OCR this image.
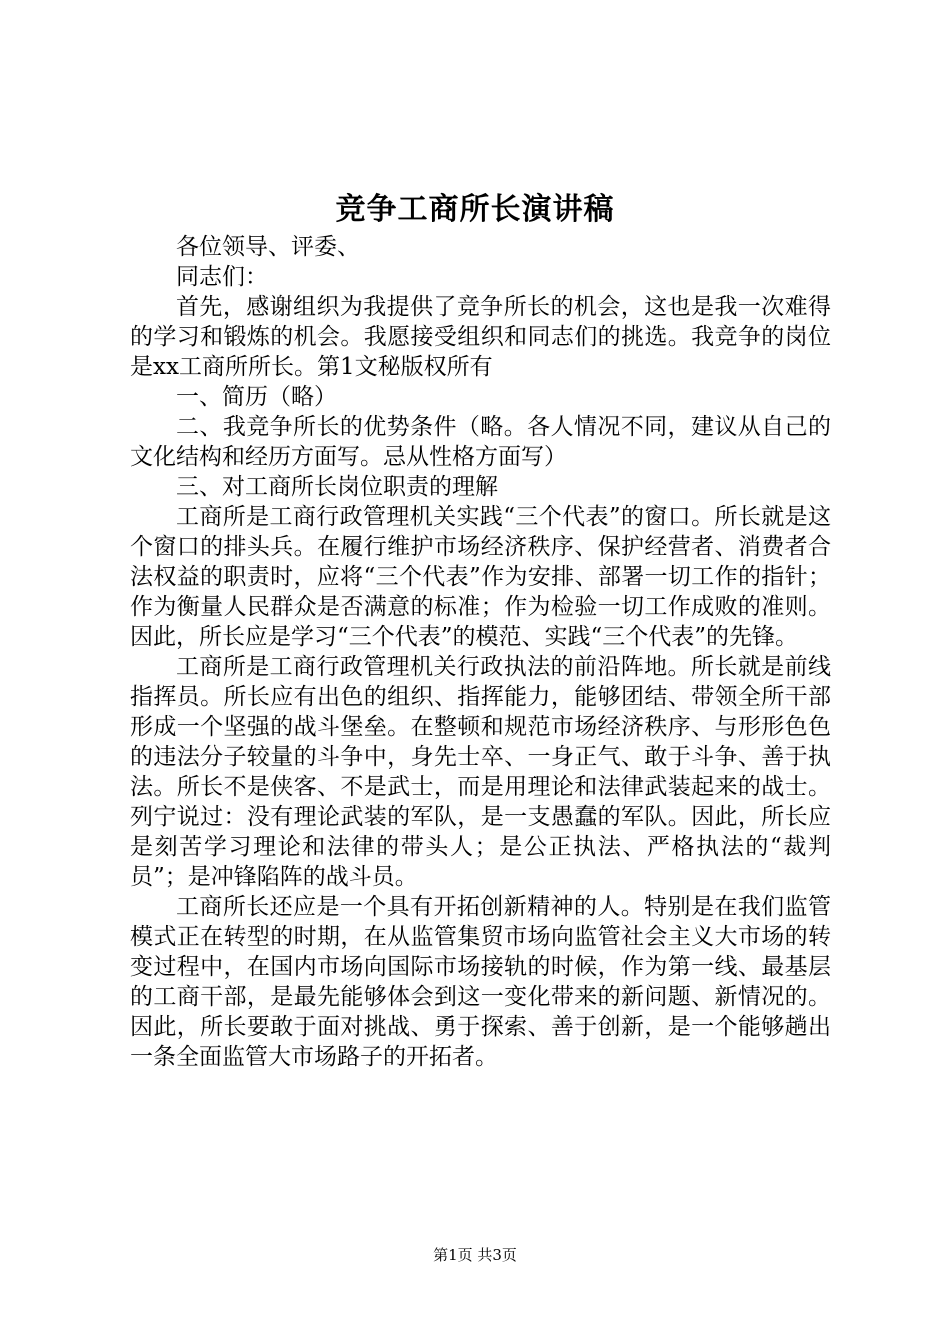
竞争工商所长演讲稿

各位领导、评委、

同志们：

首先，感谢组织为我提供了竞争所长的机会，这也是我一次难得的学习和锻炼的机会。我愿接受组织和同志们的挑选。我竞争的岗位是xx工商所所长。第1文秘版权所有

一、简历（略）

二、我竞争所长的优势条件（略。各人情况不同，建议从自己的文化结构和经历方面写。忌从性格方面写）

三、对工商所长岗位职责的理解

工商所是工商行政管理机关实践“三个代表”的窗口。所长就是这个窗口的排头兵。在履行维护市场经济秩序、保护经营者、消费者合法权益的职责时，应将“三个代表”作为安排、部署一切工作的指针；作为衡量人民群众是否满意的标准；作为检验一切工作成败的准则。因此，所长应是学习“三个代表”的模范、实践“三个代表”的先锋。

工商所是工商行政管理机关行政执法的前沿阵地。所长就是前线指挥员。所长应有出色的组织、指挥能力，能够团结、带领全所干部形成一个坚强的战斗堡垒。在整顿和规范市场经济秩序、与形形色色的违法分子较量的斗争中，身先士卒、一身正气、敢于斗争、善于执法。所长不是侠客、不是武士，而是用理论和法律武装起来的战士。列宁说过：没有理论武装的军队，是一支愚蠢的军队。因此，所长应是刻苦学习理论和法律的带头人；是公正执法、严格执法的“裁判员”；是冲锋陷阵的战斗员。

工商所长还应是一个具有开拓创新精神的人。特别是在我们监管模式正在转型的时期，在从监管集贸市场向监管社会主义大市场的转变过程中，在国内市场向国际市场接轨的时候，作为第一线、最基层的工商干部，是最先能够体会到这一变化带来的新问题、新情况的。因此，所长要敢于面对挑战、勇于探索、善于创新，是一个能够趟出一条全面监管大市场路子的开拓者。

第1页 共3页
